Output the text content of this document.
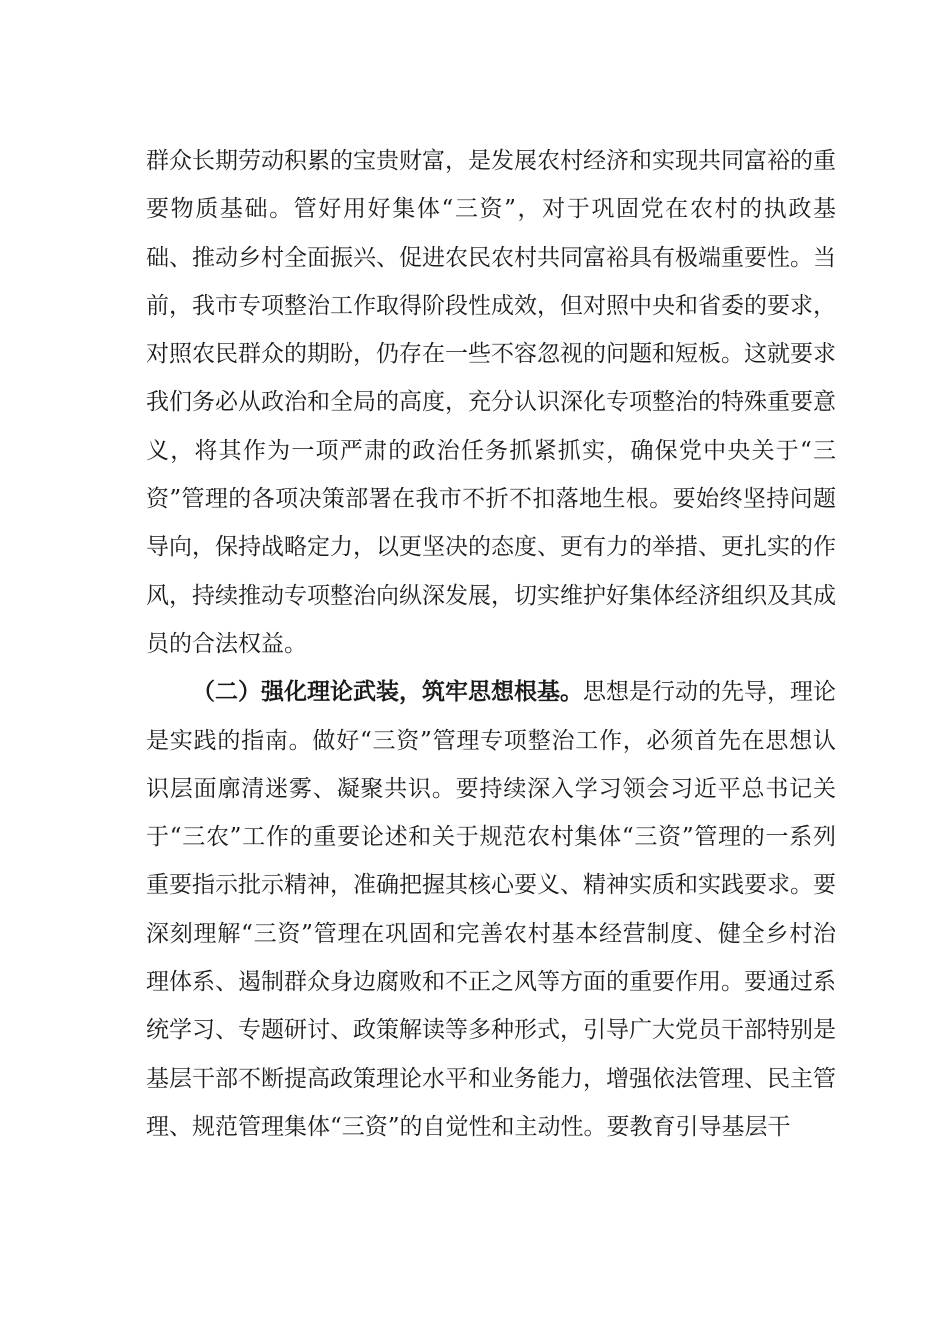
群众长期劳动积累的宝贵财富，是发展农村经济和实现共同富裕的重要物质基础。管好用好集体“三资”，对于巩固党在农村的执政基础、推动乡村全面振兴、促进农民农村共同富裕具有极端重要性。当前，我市专项整治工作取得阶段性成效，但对照中央和省委的要求，对照农民群众的期盼，仍存在一些不容忽视的问题和短板。这就要求我们务必从政治和全局的高度，充分认识深化专项整治的特殊重要意义，将其作为一项严肃的政治任务抓紧抓实，确保党中央关于“三资”管理的各项决策部署在我市不折不扣落地生根。要始终坚持问题导向，保持战略定力，以更坚决的态度、更有力的举措、更扎实的作风，持续推动专项整治向纵深发展，切实维护好集体经济组织及其成员的合法权益。

（二）强化理论武装，筑牢思想根基。思想是行动的先导，理论是实践的指南。做好“三资”管理专项整治工作，必须首先在思想认识层面廓清迷雾、凝聚共识。要持续深入学习领会习近平总书记关于“三农”工作的重要论述和关于规范农村集体“三资”管理的一系列重要指示批示精神，准确把握其核心要义、精神实质和实践要求。要深刻理解“三资”管理在巩固和完善农村基本经营制度、健全乡村治理体系、遏制群众身边腐败和不正之风等方面的重要作用。要通过系统学习、专题研讨、政策解读等多种形式，引导广大党员干部特别是基层干部不断提高政策理论水平和业务能力，增强依法管理、民主管理、规范管理集体“三资”的自觉性和主动性。要教育引导基层干
